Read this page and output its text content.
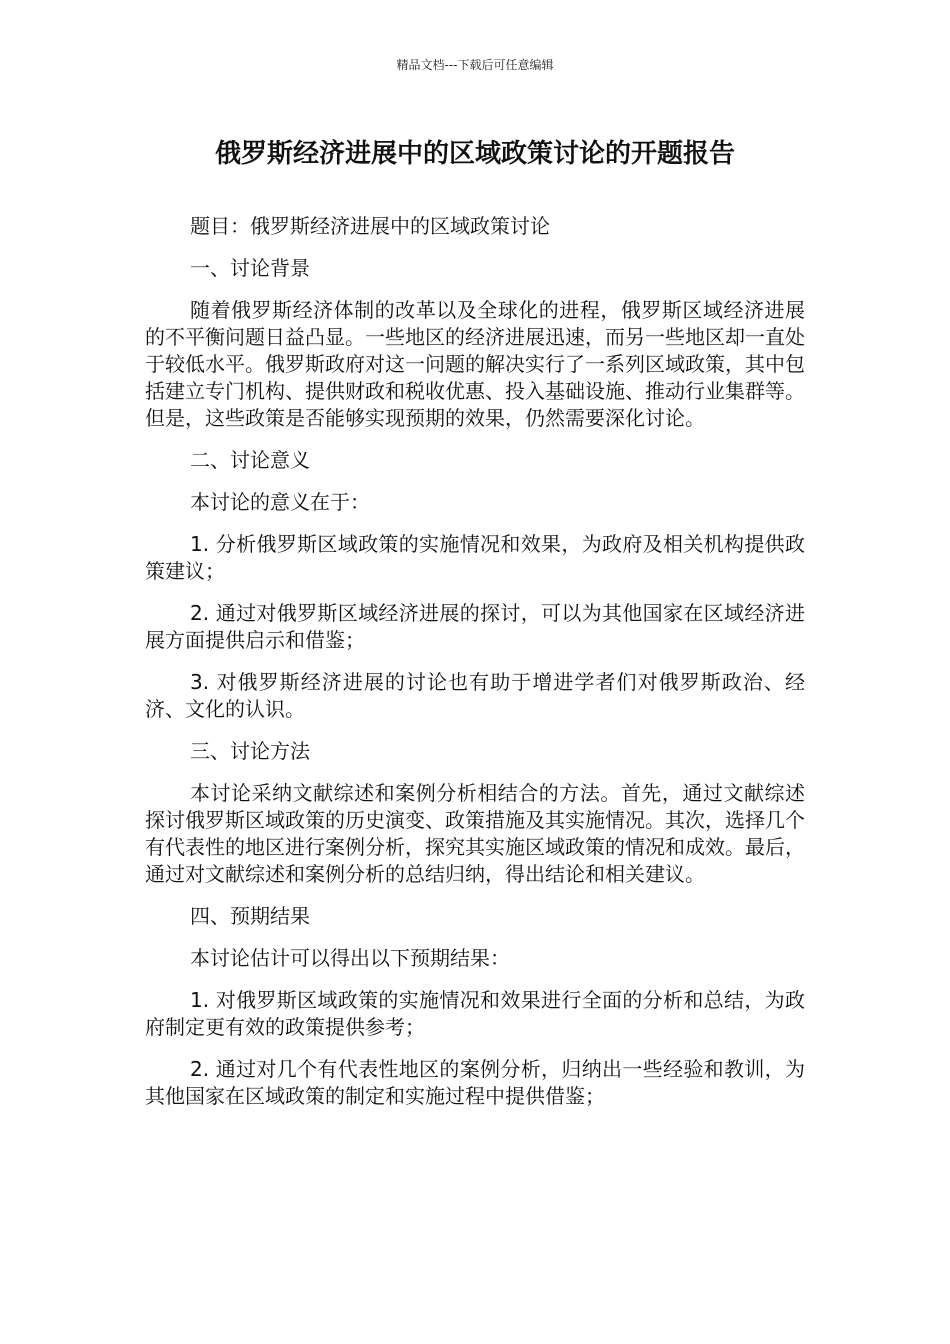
精品文档---下载后可任意编辑
俄罗斯经济进展中的区域政策讨论的开题报告

题目：俄罗斯经济进展中的区域政策讨论

一、讨论背景

随着俄罗斯经济体制的改革以及全球化的进程，俄罗斯区域经济进展的不平衡问题日益凸显。一些地区的经济进展迅速，而另一些地区却一直处于较低水平。俄罗斯政府对这一问题的解决实行了一系列区域政策，其中包括建立专门机构、提供财政和税收优惠、投入基础设施、推动行业集群等。但是，这些政策是否能够实现预期的效果，仍然需要深化讨论。

二、讨论意义

本讨论的意义在于：

1. 分析俄罗斯区域政策的实施情况和效果，为政府及相关机构提供政策建议；

2. 通过对俄罗斯区域经济进展的探讨，可以为其他国家在区域经济进展方面提供启示和借鉴；

3. 对俄罗斯经济进展的讨论也有助于增进学者们对俄罗斯政治、经济、文化的认识。

三、讨论方法

本讨论采纳文献综述和案例分析相结合的方法。首先，通过文献综述探讨俄罗斯区域政策的历史演变、政策措施及其实施情况。其次，选择几个有代表性的地区进行案例分析，探究其实施区域政策的情况和成效。最后，通过对文献综述和案例分析的总结归纳，得出结论和相关建议。

四、预期结果

本讨论估计可以得出以下预期结果：

1. 对俄罗斯区域政策的实施情况和效果进行全面的分析和总结，为政府制定更有效的政策提供参考；

2. 通过对几个有代表性地区的案例分析，归纳出一些经验和教训，为其他国家在区域政策的制定和实施过程中提供借鉴；
